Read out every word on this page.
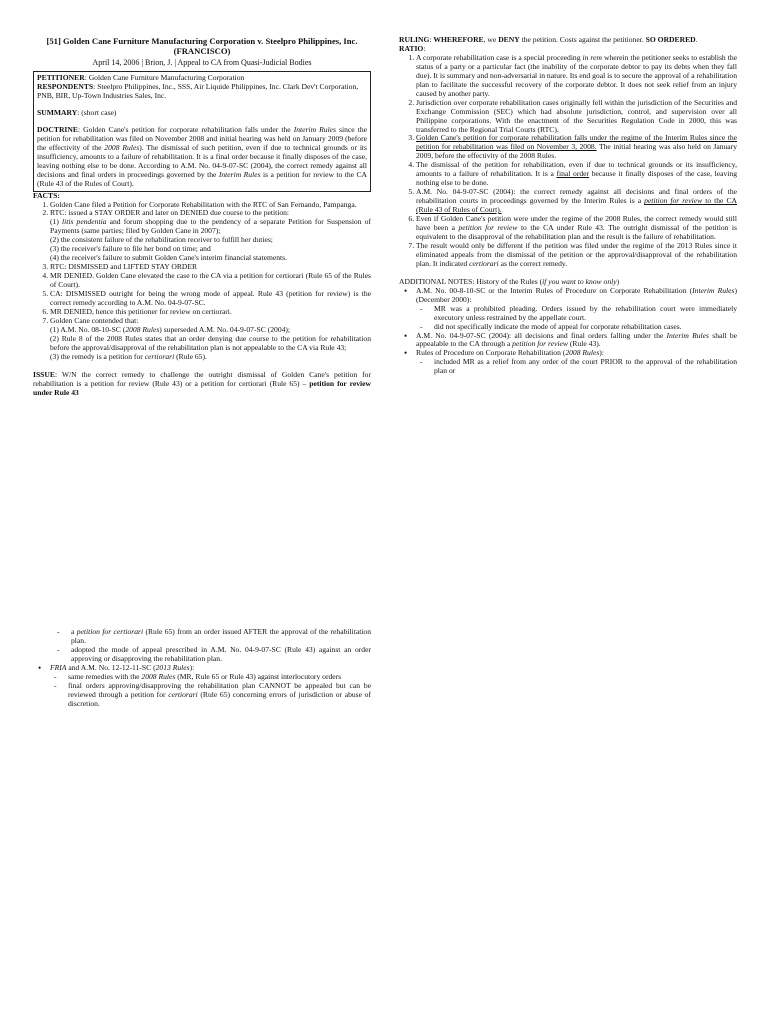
[51] Golden Cane Furniture Manufacturing Corporation v. Steelpro Philippines, Inc. (FRANCISCO)
April 14, 2006 | Brion, J. | Appeal to CA from Quasi-Judicial Bodies

PETITIONER: Golden Cane Furniture Manufacturing Corporation

RESPONDENTS: Steelpro Philippines, Inc., SSS, Air Liquide Philippines, Inc. Clark Dev't Corporation, PNB, BIR, Up-Town Industries Sales, Inc.

SUMMARY: (short case)

DOCTRINE: Golden Cane's petition for corporate rehabilitation falls under the Interim Rules since the petition for rehabilitation was filed on November 2008 and initial hearing was held on January 2009 (before the effectivity of the 2008 Rules). The dismissal of such petition, even if due to technical grounds or its insufficiency, amounts to a failure of rehabilitation. It is a final order because it finally disposes of the case, leaving nothing else to be done. According to A.M. No. 04-9-07-SC (2004), the correct remedy against all decisions and final orders in proceedings governed by the Interim Rules is a petition for review to the CA (Rule 43 of the Rules of Court).

FACTS:
1. Golden Cane filed a Petition for Corporate Rehabilitation with the RTC of San Fernando, Pampanga.
2. RTC: issued a STAY ORDER and later on DENIED due course to the petition:
(1) litis pendentia and forum shopping due to the pendency of a separate Petition for Suspension of Payments (same parties; filed by Golden Cane in 2007);
(2) the consistent failure of the rehabilitation receiver to fulfill her duties;
(3) the receiver's failure to file her bond on time; and
(4) the receiver's failure to submit Golden Cane's interim financial statements.
3. RTC: DISMISSED and LIFTED STAY ORDER
4. MR DENIED. Golden Cane elevated the case to the CA via a petition for certiorari (Rule 65 of the Rules of Court).
5. CA: DISMISSED outright for being the wrong mode of appeal. Rule 43 (petition for review) is the correct remedy according to A.M. No. 04-9-07-SC.
6. MR DENIED, hence this petitioner for review on certiorari.
7. Golden Cane contended that:
(1) A.M. No. 08-10-SC (2008 Rules) superseded A.M. No. 04-9-07-SC (2004);
(2) Rule 8 of the 2008 Rules states that an order denying due course to the petition for rehabilitation before the approval/disapproval of the rehabilitation plan is not appealable to the CA via Rule 43;
(3) the remedy is a petition for certiorari (Rule 65).

ISSUE: W/N the correct remedy to challenge the outright dismissal of Golden Cane's petition for rehabilitation is a petition for review (Rule 43) or a petition for certiorari (Rule 65) – petition for review under Rule 43

RULING: WHEREFORE, we DENY the petition. Costs against the petitioner. SO ORDERED.

RATIO:
1. A corporate rehabilitation case is a special proceeding in rem wherein the petitioner seeks to establish the status of a party or a particular fact (the inability of the corporate debtor to pay its debts when they fall due). It is summary and non-adversarial in nature. Its end goal is to secure the approval of a rehabilitation plan to facilitate the successful recovery of the corporate debtor. It does not seek relief from an injury caused by another party.
2. Jurisdiction over corporate rehabilitation cases originally fell within the jurisdiction of the Securities and Exchange Commission (SEC) which had absolute jurisdiction, control, and supervision over all Philippine corporations. With the enactment of the Securities Regulation Code in 2000, this was transferred to the Regional Trial Courts (RTC).
3. Golden Cane's petition for corporate rehabilitation falls under the regime of the Interim Rules since the petition for rehabilitation was filed on November 3, 2008. The initial hearing was also held on January 2009, before the effectivity of the 2008 Rules.
4. The dismissal of the petition for rehabilitation, even if due to technical grounds or its insufficiency, amounts to a failure of rehabilitation. It is a final order because it finally disposes of the case, leaving nothing else to be done.
5. A.M. No. 04-9-07-SC (2004): the correct remedy against all decisions and final orders of the rehabilitation courts in proceedings governed by the Interim Rules is a petition for review to the CA (Rule 43 of Rules of Court).
6. Even if Golden Cane's petition were under the regime of the 2008 Rules, the correct remedy would still have been a petition for review to the CA under Rule 43. The outright dismissal of the petition is equivalent to the disapproval of the rehabilitation plan and the result is the failure of rehabilitation.
7. The result would only be different if the petition was filed under the regime of the 2013 Rules since it eliminated appeals from the dismissal of the petition or the approval/disapproval of the rehabilitation plan. It indicated certiorari as the correct remedy.

ADDITIONAL NOTES: History of the Rules (if you want to know only)

• A.M. No. 00-8-10-SC or the Interim Rules of Procedure on Corporate Rehabilitation (Interim Rules) (December 2000):
- MR was a prohibited pleading. Orders issued by the rehabilitation court were immediately executory unless restrained by the appellate court.
- did not specifically indicate the mode of appeal for corporate rehabilitation cases.
• A.M. No. 04-9-07-SC (2004): all decisions and final orders falling under the Interim Rules shall be appealable to the CA through a petition for review (Rule 43).
• Rules of Procedure on Corporate Rehabilitation (2008 Rules):
- included MR as a relief from any order of the court PRIOR to the approval of the rehabilitation plan or
- a petition for certiorari (Rule 65) from an order issued AFTER the approval of the rehabilitation plan.
- adopted the mode of appeal prescribed in A.M. No. 04-9-07-SC (Rule 43) against an order approving or disapproving the rehabilitation plan.
• FRIA and A.M. No. 12-12-11-SC (2013 Rules):
- same remedies with the 2008 Rules (MR, Rule 65 or Rule 43) against interlocutory orders
- final orders approving/disapproving the rehabilitation plan CANNOT be appealed but can be reviewed through a petition for certiorari (Rule 65) concerning errors of jurisdiction or abuse of discretion.
